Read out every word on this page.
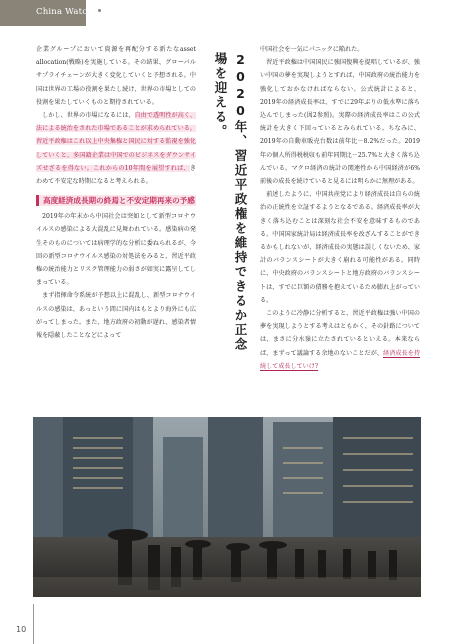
China Watch

企業グループにおいて資源を再配分する新たなasset allocation(戦略)を実施している。その結果、グローバルサプライチェーンが大きく変化していくと予想される。中国は世界の工場の役割を果たし続け、世界の市場としての役割を果たしていくものと期待されている。

しかし、世界の市場になるには、自由で透明性が高く、法による統治をされた市場であることが求められている。習近平政権はこれ以上中央集権と国民に対する監視を強化していくと、多国籍企業は中国でのビジネスをダウンサイズせざるを得ない。これからの10年間を展望すれば、きわめて不安定な時期になると考えられる。

高度経済成長期の終焉と不安定期再来の予感

2019年の年末から中国社会は突如として新型コロナウイルスの感染による大混乱に見舞われている。感染病の発生そのものについては病理学的な分析に委ねられるが、今回の新型コロナウイルス感染の対処法をみると、習近平政権の統治能力とリスク管理能力の弱さが如実に露呈してしまっている。

まず指揮命令系統が予想以上に混乱し、新型コロナウイルスの感染は、あっという間に国内はもとより海外にも広がってしまった。また、地方政府の初動が遅れ、感染者情報を隠蔽したことなどによって	2020年、習近平政権を維持できるか正念場を迎える。

中国社会を一気にパニックに陥れた。

習近平政権は中国国民に強国復興を提唱しているが、強い中国の夢を実現しようとすれば、中国政府の統治能力を強化しておかなければならない。公式統計によると、2019年の経済成長率は、すでに29年ぶりの低水準に落ち込んでしまった(図2参照)。実際の経済成長率はこの公式統計を大きく下回っているとみられている。ちなみに、2019年の自動車販売台数は前年比－8.2%だった。2019年の個人所得税税収も前年同期比－25.7%と大きく落ち込んでいる。マクロ経済の統計の関連性から中国経済が6%前後の成長を続けていると見るには明らかに無理がある。

前述したように、中国共産党により経済成長は自らの統治の正統性を立証するようとなるである。経済成長率が大きく落ち込むことは深刻な社会不安を意味するものである。中国国家統計局は経済成長率を改ざんすることができるかもしれないが、経済成長の実態は誤しくないため、家計のバランスシートが大きく崩れる可能性がある。同時に、中央政府のバランスシートと地方政府のバランスシートは、すでに巨額の債務を抱えているため膨れ上がっている。

このように冷静に分析すると、習近平政権は強い中国の夢を実現しようとする考えはともかく、その針路については、まさに分水嶺に立たされているといえる。本来ならば、まずって議論する余地のないことだが、経済成長を持続して成長していけ?

10
